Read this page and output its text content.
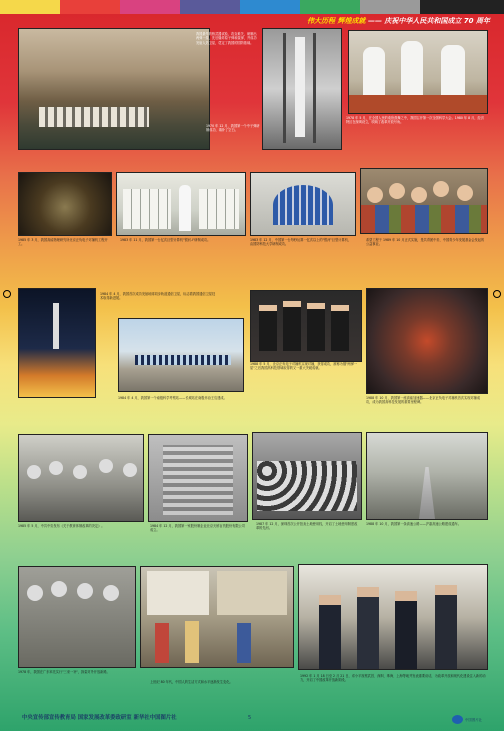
伟大历程 辉煌成就 —— 庆祝中华人民共和国成立 70 周年
我国最早的核武器试验，攻克难关，研制出两弹一星，先后爆炸原子弹和氢弹，并成功发射人造卫星，奠定了我国的国防基础。
1970 年 12 月，我国第一个中子弹研制成功，填补了空白。
1978 年 5 月，在全国人民的欢欣鼓舞之中，我国召开第一次全国科学大会。1980 年 8 月，经济特区在深圳设立，吹响了改革开放号角。
1985 年 3 月，我国高能物理研究所北京正负电子对撞机工程开工。
1983 年 11 月，我国第一台亿次巨型计算机"银河-I"研制成功。	1983 年 12 月，中国第一台每秒运算一亿次以上的"银河"巨型计算机，由国防科技大学研制成功。
希望工程于 1989 年 10 月正式实施，是共青团中央、中国青少年发展基金会发起的公益事业。
1984 年 4 月，我国首次成功发射地球同步轨道通信卫星，标志着我国通信卫星技术取得新进展。
1984 年 4 月，我国第一个南极科学考察站——长城站在南极乔治王岛建成。
1988 年 5 月，北京正负电子对撞机实现对撞，获得成功，被称为继"两弹一星"之后我国高科技领域取得的又一重大突破成就。
1988 年 10 月，我国第一座高能加速器——北京正负电子对撞机首次实现对撞成功，成为我国高科技发展的重要里程碑。
1985 年 5 月，中共中央发布《关于教育体制改革的决定》。	1984 年 12 月，我国第一家股份制企业北京天桥百货股份有限公司成立。
1987 年 12 月，深圳首次公开拍卖土地使用权，开启了土地使用制度改革的先河。
1988 年 10 月，我国第一条高速公路——沪嘉高速公路建成通车。
1978 年，我国在广东率先实行"三来一补"，探索对外开放新路。
上世纪 80 年代，中国人的生活方式和水平逐渐发生变化。
1992 年 1 月 18 日至 2 月 21 日，邓小平视察武昌、深圳、珠海、上海等地并发表重要谈话，为改革开放和现代化建设注入新的动力，开启了中国改革开放新阶段。
中央宣传部宣传教育局 国家发展改革委政研室 新华社中国图片社	5	中国图片社
